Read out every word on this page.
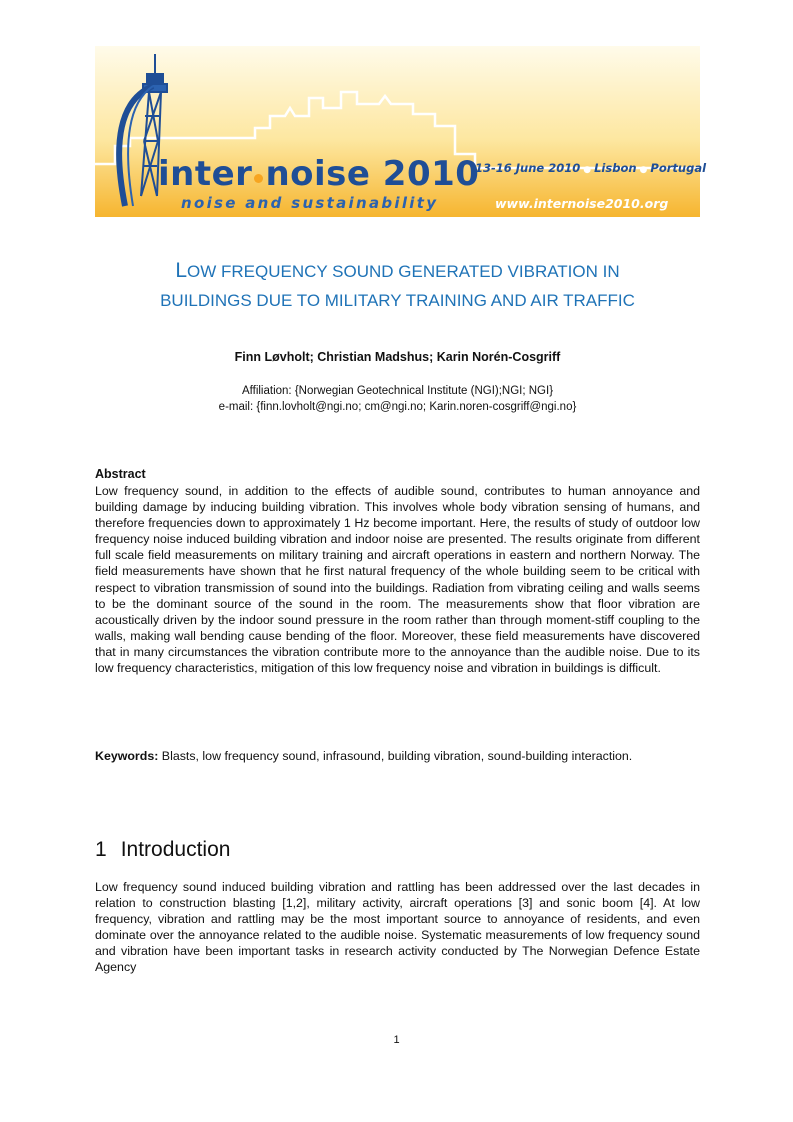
inter noise 2010
noise and sustainability
13-16 June 2010 ● Lisbon ● Portugal
www.internoise2010.org
LOW FREQUENCY SOUND GENERATED VIBRATION IN
BUILDINGS DUE TO MILITARY TRAINING AND AIR TRAFFIC
Finn Løvholt; Christian Madshus; Karin Norén-Cosgriff
Affiliation: {Norwegian Geotechnical Institute (NGI);NGI; NGI}
e-mail: {finn.lovholt@ngi.no; cm@ngi.no; Karin.noren-cosgriff@ngi.no}
Abstract
Low frequency sound, in addition to the effects of audible sound, contributes to human annoyance and building damage by inducing building vibration. This involves whole body vibration sensing of humans, and therefore frequencies down to approximately 1 Hz become important. Here, the results of study of outdoor low frequency noise induced building vibration and indoor noise are presented. The results originate from different full scale field measurements on military training and aircraft operations in eastern and northern Norway. The field measurements have shown that he first natural frequency of the whole building seem to be critical with respect to vibration transmission of sound into the buildings. Radiation from vibrating ceiling and walls seems to be the dominant source of the sound in the room. The measurements show that floor vibration are acoustically driven by the indoor sound pressure in the room rather than through moment-stiff coupling to the walls, making wall bending cause bending of the floor. Moreover, these field measurements have discovered that in many circumstances the vibration contribute more to the annoyance than the audible noise. Due to its low frequency characteristics, mitigation of this low frequency noise and vibration in buildings is difficult.
Keywords: Blasts, low frequency sound, infrasound, building vibration, sound-building interaction.
1 Introduction
Low frequency sound induced building vibration and rattling has been addressed over the last decades in relation to construction blasting [1,2], military activity, aircraft operations [3] and sonic boom [4]. At low frequency, vibration and rattling may be the most important source to annoyance of residents, and even dominate over the annoyance related to the audible noise. Systematic measurements of low frequency sound and vibration have been important tasks in research activity conducted by The Norwegian Defence Estate Agency
1
